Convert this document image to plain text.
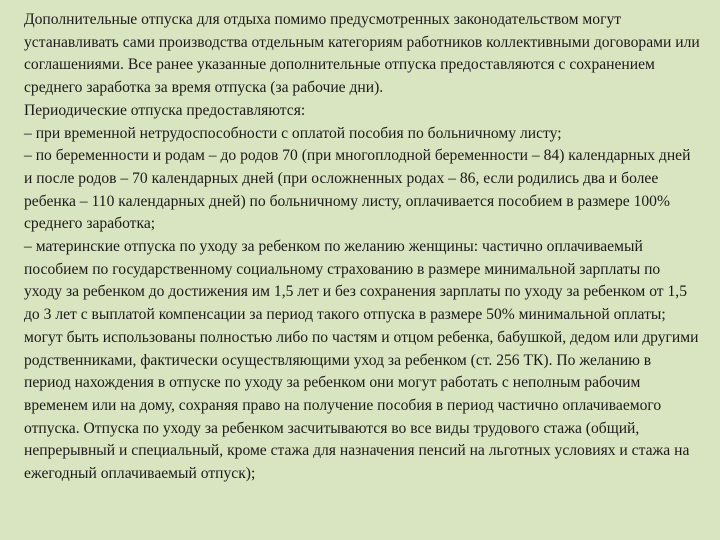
Дополнительные отпуска для отдыха помимо предусмотренных законодательством могут устанавливать сами производства отдельным категориям работников коллективными договорами или соглашениями. Все ранее указанные дополнительные отпуска предоставляются с сохранением среднего заработка за время отпуска (за рабочие дни).

Периодические отпуска предоставляются:

– при временной нетрудоспособности с оплатой пособия по больничному листу;

– по беременности и родам – до родов 70 (при многоплодной беременности – 84) календарных дней и после родов – 70 календарных дней (при осложненных родах – 86, если родились два и более ребенка – 110 календарных дней) по больничному листу, оплачивается пособием в размере 100% среднего заработка;

– материнские отпуска по уходу за ребенком по желанию женщины: частично оплачиваемый пособием по государственному социальному страхованию в размере минимальной зарплаты по уходу за ребенком до достижения им 1,5 лет и без сохранения зарплаты по уходу за ребенком от 1,5 до 3 лет с выплатой компенсации за период такого отпуска в размере 50% минимальной оплаты; могут быть использованы полностью либо по частям и отцом ребенка, бабушкой, дедом или другими родственниками, фактически осуществляющими уход за ребенком (ст. 256 ТК). По желанию в период нахождения в отпуске по уходу за ребенком они могут работать с неполным рабочим временем или на дому, сохраняя право на получение пособия в период частично оплачиваемого отпуска. Отпуска по уходу за ребенком засчитываются во все виды трудового стажа (общий, непрерывный и специальный, кроме стажа для назначения пенсий на льготных условиях и стажа на ежегодный оплачиваемый отпуск);
